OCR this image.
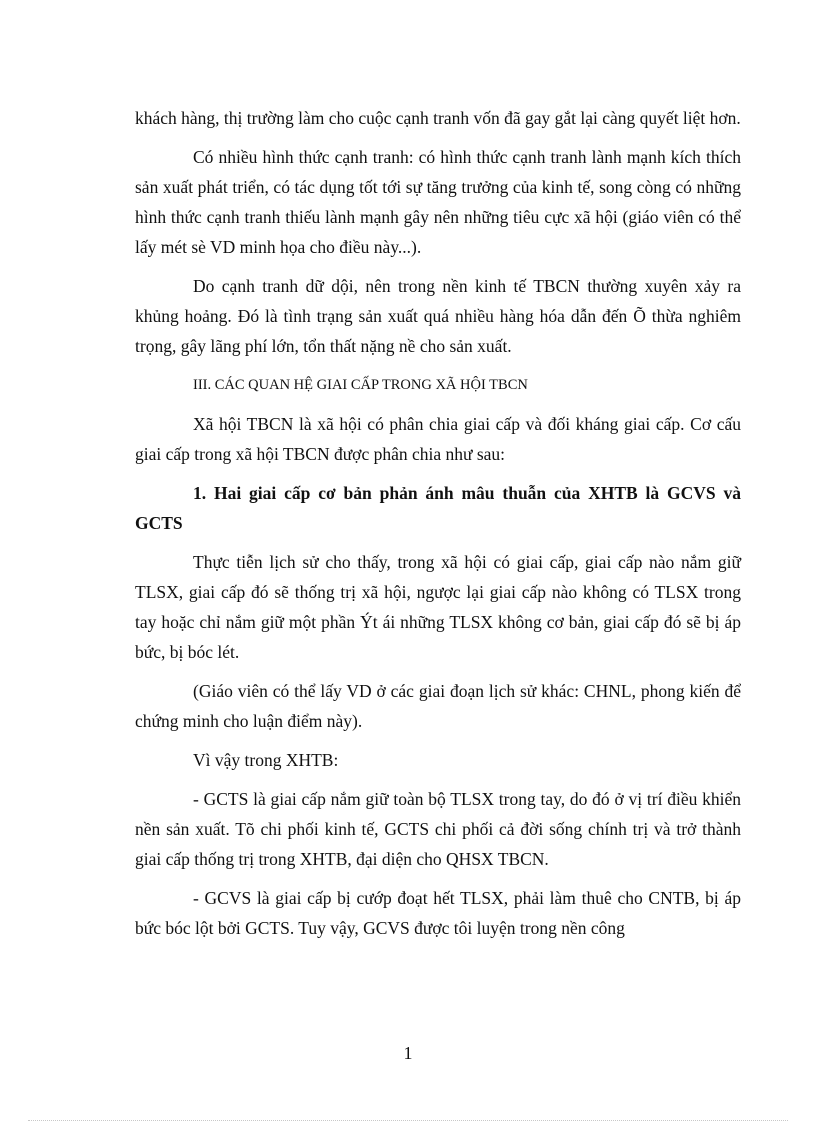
khách hàng, thị trường làm cho cuộc cạnh tranh vốn đã gay gắt lại càng quyết liệt hơn.

Có nhiều hình thức cạnh tranh: có hình thức cạnh tranh lành mạnh kích thích sản xuất phát triển, có tác dụng tốt tới sự tăng trưởng của kinh tế, song còng có những hình thức cạnh tranh thiếu lành mạnh gây nên những tiêu cực xã hội (giáo viên có thể lấy mét sè VD minh họa cho điều này...).

Do cạnh tranh dữ dội, nên trong nền kinh tế TBCN thường xuyên xảy ra khủng hoảng. Đó là tình trạng sản xuất quá nhiều hàng hóa dẫn đến Õ thừa nghiêm trọng, gây lãng phí lớn, tổn thất nặng nề cho sản xuất.

III. CÁC QUAN HỆ GIAI CẤP TRONG XÃ HỘI TBCN

Xã hội TBCN là xã hội có phân chia giai cấp và đối kháng giai cấp. Cơ cấu giai cấp trong xã hội TBCN được phân chia như sau:

1. Hai giai cấp cơ bản phản ánh mâu thuẫn của XHTB là GCVS và GCTS

Thực tiễn lịch sử cho thấy, trong xã hội có giai cấp, giai cấp nào nắm giữ TLSX, giai cấp đó sẽ thống trị xã hội, ngược lại giai cấp nào không có TLSX trong tay hoặc chỉ nắm giữ một phần Ýt ái những TLSX không cơ bản, giai cấp đó sẽ bị áp bức, bị bóc lét.

(Giáo viên có thể lấy VD ở các giai đoạn lịch sử khác: CHNL, phong kiến để chứng minh cho luận điểm này).

Vì vậy trong XHTB:

- GCTS là giai cấp nắm giữ toàn bộ TLSX trong tay, do đó ở vị trí điều khiển nền sản xuất. Tõ chi phối kinh tế, GCTS chi phối cả đời sống chính trị và trở thành giai cấp thống trị trong XHTB, đại diện cho QHSX TBCN.

- GCVS là giai cấp bị cướp đoạt hết TLSX, phải làm thuê cho CNTB, bị áp bức bóc lột bởi GCTS. Tuy vậy, GCVS được tôi luyện trong nền công

1
